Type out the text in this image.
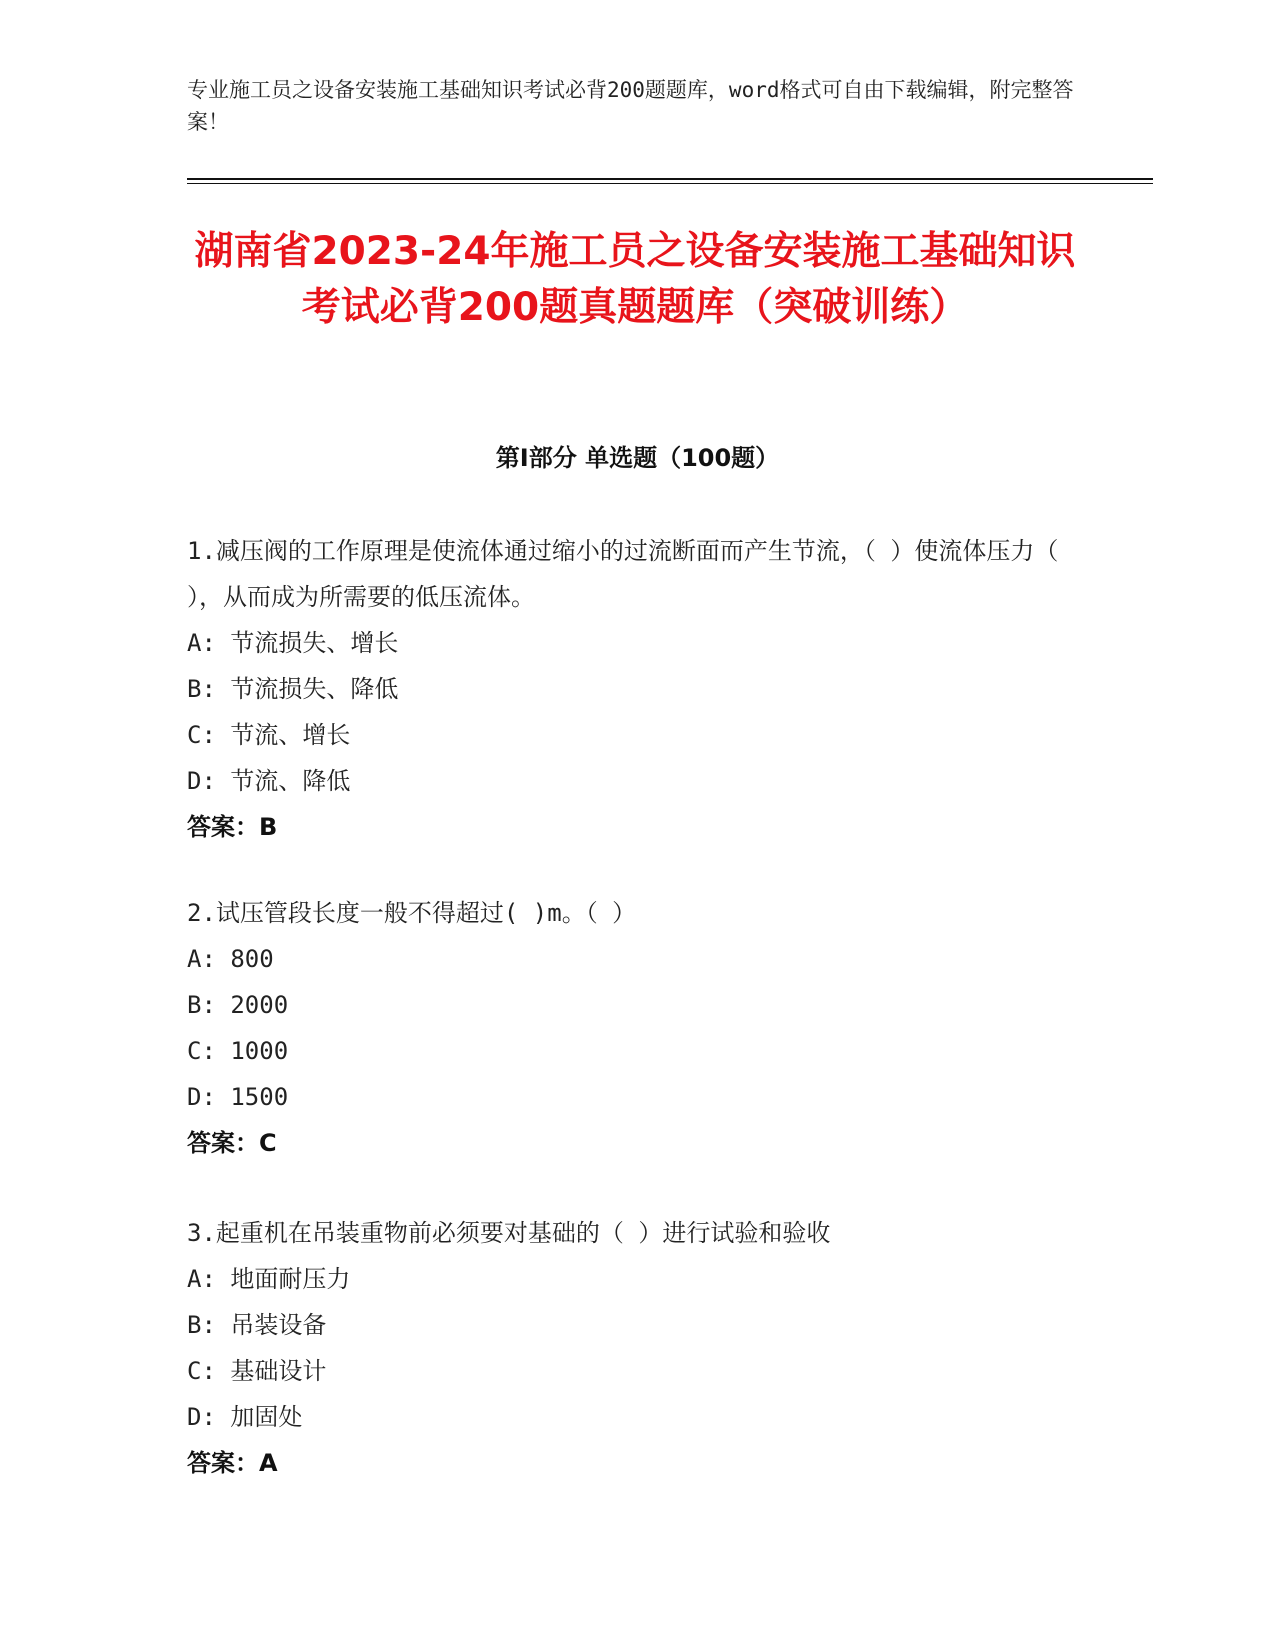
专业施工员之设备安装施工基础知识考试必背200题题库，word格式可自由下载编辑，附完整答案！
湖南省2023-24年施工员之设备安装施工基础知识考试必背200题真题题库（突破训练）
第Ⅰ部分 单选题（100题）
1.减压阀的工作原理是使流体通过缩小的过流断面而产生节流，（ ）使流体压力（ ），从而成为所需要的低压流体。
A: 节流损失、增长
B: 节流损失、降低
C: 节流、增长
D: 节流、降低
答案：B
2.试压管段长度一般不得超过( )m。（ ）
A: 800
B: 2000
C: 1000
D: 1500
答案：C
3.起重机在吊装重物前必须要对基础的（ ）进行试验和验收
A: 地面耐压力
B: 吊装设备
C: 基础设计
D: 加固处
答案：A
